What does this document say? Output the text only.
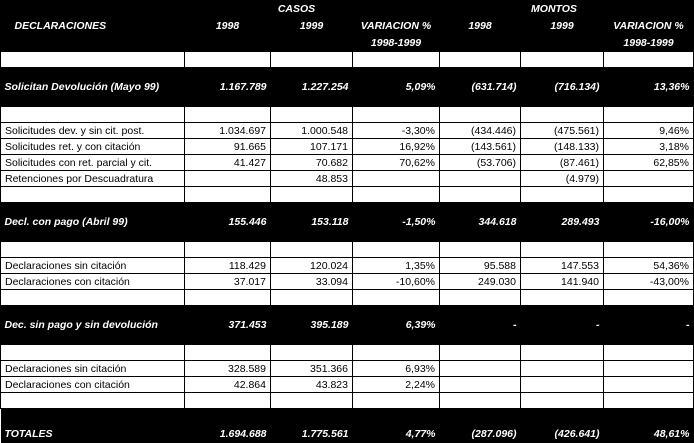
		CASOS			MONTOS	
DECLARACIONES	1998	1999	VARIACION %	1998	1999	VARIACION %
			1998-1999			1998-1999

Solicitan Devolución (Mayo 99)	1.167.789	1.227.254	5,09%	(631.714)	(716.134)	13,36%

Solicitudes dev. y sin cit. post.	1.034.697	1.000.548	-3,30%	(434.446)	(475.561)	9,46%
Solicitudes ret. y con citación	91.665	107.171	16,92%	(143.561)	(148.133)	3,18%
Solicitudes con ret. parcial y cit.	41.427	70.682	70,62%	(53.706)	(87.461)	62,85%
Retenciones por Descuadratura		48.853			(4.979)	

Decl. con pago (Abril 99)	155.446	153.118	-1,50%	344.618	289.493	-16,00%

Declaraciones sin citación	118.429	120.024	1,35%	95.588	147.553	54,36%
Declaraciones con citación	37.017	33.094	-10,60%	249.030	141.940	-43,00%

Dec. sin pago y sin devolución	371.453	395.189	6,39%	-	-	-

Declaraciones sin citación	328.589	351.366	6,93%			
Declaraciones con citación	42.864	43.823	2,24%			

TOTALES	1.694.688	1.775.561	4,77%	(287.096)	(426.641)	48,61%
